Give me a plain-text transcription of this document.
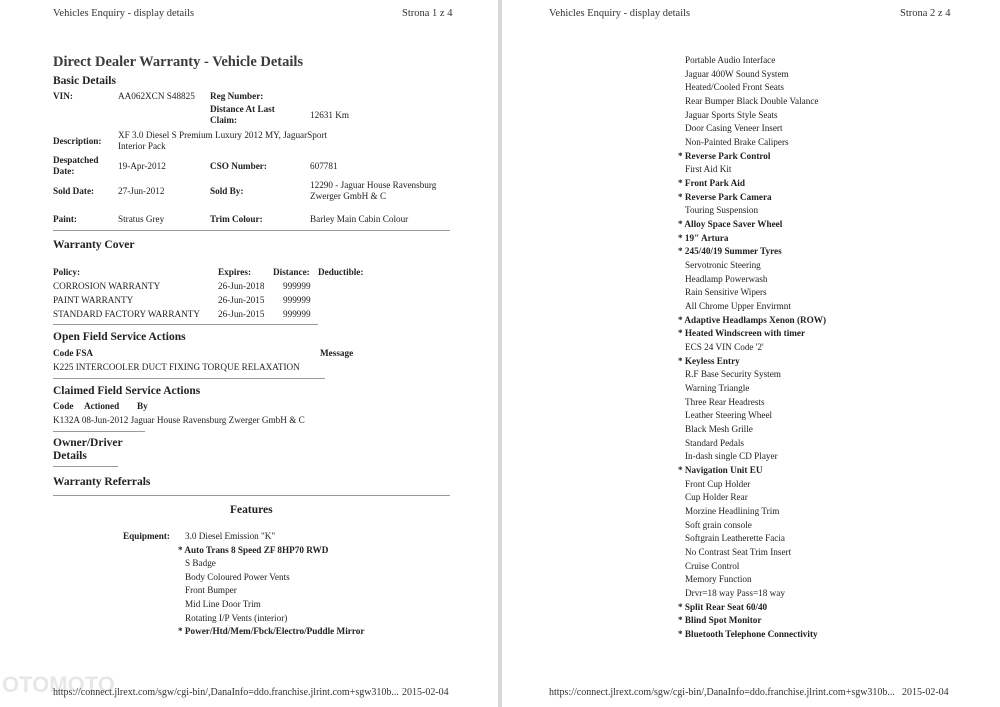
Vehicles Enquiry - display details	Strona 1 z 4
Direct Dealer Warranty - Vehicle Details
Basic Details
VIN:	AA062XCN S48825 Reg Number:
Distance At Last Claim:	12631 Km
Description:
XF 3.0 Diesel S Premium Luxury 2012 MY, JaguarSport Interior Pack
Despatched Date:	19-Apr-2012	CSO Number:	607781
Sold Date:	27-Jun-2012	Sold By:
12290 - Jaguar House Ravensburg Zwerger GmbH & C
Paint:	Stratus Grey	Trim Colour:	Barley Main Cabin Colour
Warranty Cover
Policy:	Expires: Distance: Deductible:
CORROSION WARRANTY	26-Jun-2018 999999
PAINT WARRANTY	26-Jun-2015 999999
STANDARD FACTORY WARRANTY 26-Jun-2015 999999
Open Field Service Actions
Code FSA	Message
K225 INTERCOOLER DUCT FIXING TORQUE RELAXATION
Claimed Field Service Actions
Code Actioned By
K132A 08-Jun-2012 Jaguar House Ravensburg Zwerger GmbH & C
Owner/Driver
Details
Warranty Referrals
Features
Equipment: 3.0 Diesel Emission "K"
* Auto Trans 8 Speed ZF 8HP70 RWD
S Badge
Body Coloured Power Vents
Front Bumper
Mid Line Door Trim
Rotating I/P Vents (interior)
* Power/Htd/Mem/Fbck/Electro/Puddle Mirror
https://connect.jlrext.com/sgw/cgi-bin/,DanaInfo=ddo.franchise.jlrint.com+sgw310b... 2015-02-04
OTOMOTO
Vehicles Enquiry - display details	Strona 2 z 4
Portable Audio Interface
Jaguar 400W Sound System
Heated/Cooled Front Seats
Rear Bumper Black Double Valance
Jaguar Sports Style Seats
Door Casing Veneer Insert
Non-Painted Brake Calipers
* Reverse Park Control
First Aid Kit
* Front Park Aid
* Reverse Park Camera
Touring Suspension
* Alloy Space Saver Wheel
* 19" Artura
* 245/40/19 Summer Tyres
Servotronic Steering
Headlamp Powerwash
Rain Sensitive Wipers
All Chrome Upper Envirmnt
* Adaptive Headlamps Xenon (ROW)
* Heated Windscreen with timer
ECS 24 VIN Code '2'
* Keyless Entry
R.F Base Security System
Warning Triangle
Three Rear Headrests
Leather Steering Wheel
Black Mesh Grille
Standard Pedals
In-dash single CD Player
* Navigation Unit EU
Front Cup Holder
Cup Holder Rear
Morzine Headlining Trim
Soft grain console
Softgrain Leatherette Facia
No Contrast Seat Trim Insert
Cruise Control
Memory Function
Drvr=18 way Pass=18 way
* Split Rear Seat 60/40
* Blind Spot Monitor
* Bluetooth Telephone Connectivity
https://connect.jlrext.com/sgw/cgi-bin/,DanaInfo=ddo.franchise.jlrint.com+sgw310b... 2015-02-04
